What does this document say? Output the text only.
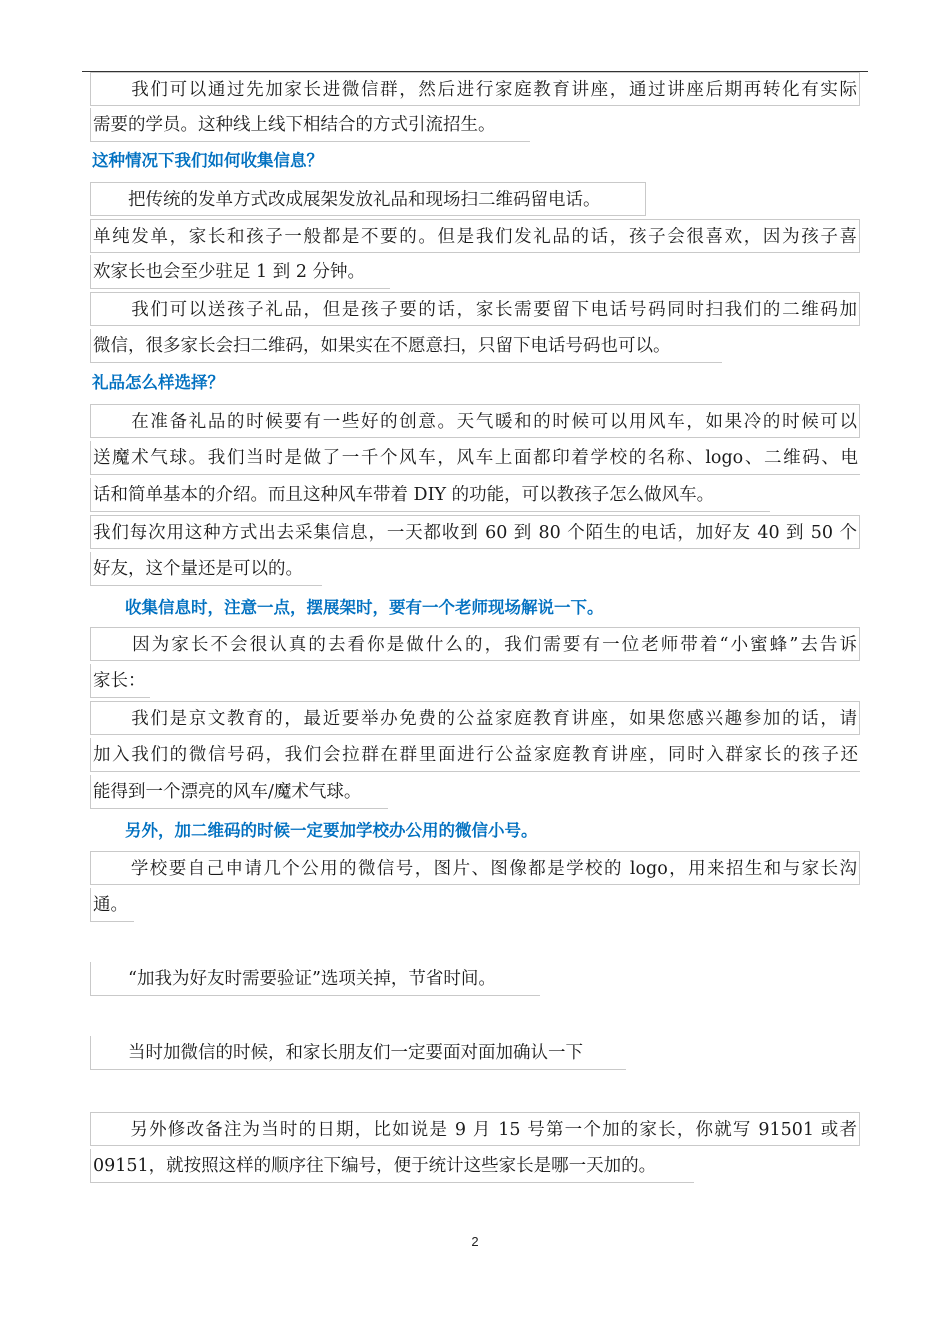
　　我们可以通过先加家长进微信群，然后进行家庭教育讲座，通过讲座后期再转化有实际
需要的学员。这种线上线下相结合的方式引流招生。
这种情况下我们如何收集信息？
　　把传统的发单方式改成展架发放礼品和现场扫二维码留电话。
单纯发单，家长和孩子一般都是不要的。但是我们发礼品的话，孩子会很喜欢，因为孩子喜
欢家长也会至少驻足 1 到 2 分钟。
　　我们可以送孩子礼品，但是孩子要的话，家长需要留下电话号码同时扫我们的二维码加
微信，很多家长会扫二维码，如果实在不愿意扫，只留下电话号码也可以。
礼品怎么样选择？
　　在准备礼品的时候要有一些好的创意。天气暖和的时候可以用风车，如果冷的时候可以
送魔术气球。我们当时是做了一千个风车，风车上面都印着学校的名称、logo、二维码、电
话和简单基本的介绍。而且这种风车带着 DIY 的功能，可以教孩子怎么做风车。
我们每次用这种方式出去采集信息，一天都收到 60 到 80 个陌生的电话，加好友 40 到 50 个
好友，这个量还是可以的。
　　收集信息时，注意一点，摆展架时，要有一个老师现场解说一下。
　　因为家长不会很认真的去看你是做什么的，我们需要有一位老师带着“小蜜蜂”去告诉
家长：
　　我们是京文教育的，最近要举办免费的公益家庭教育讲座，如果您感兴趣参加的话，请
加入我们的微信号码，我们会拉群在群里面进行公益家庭教育讲座，同时入群家长的孩子还
能得到一个漂亮的风车/魔术气球。
　　另外，加二维码的时候一定要加学校办公用的微信小号。
　　学校要自己申请几个公用的微信号，图片、图像都是学校的 logo，用来招生和与家长沟
通。
　　“加我为好友时需要验证”选项关掉，节省时间。
　　当时加微信的时候，和家长朋友们一定要面对面加确认一下
　　另外修改备注为当时的日期，比如说是 9 月 15 号第一个加的家长，你就写 91501 或者
09151，就按照这样的顺序往下编号，便于统计这些家长是哪一天加的。
2
